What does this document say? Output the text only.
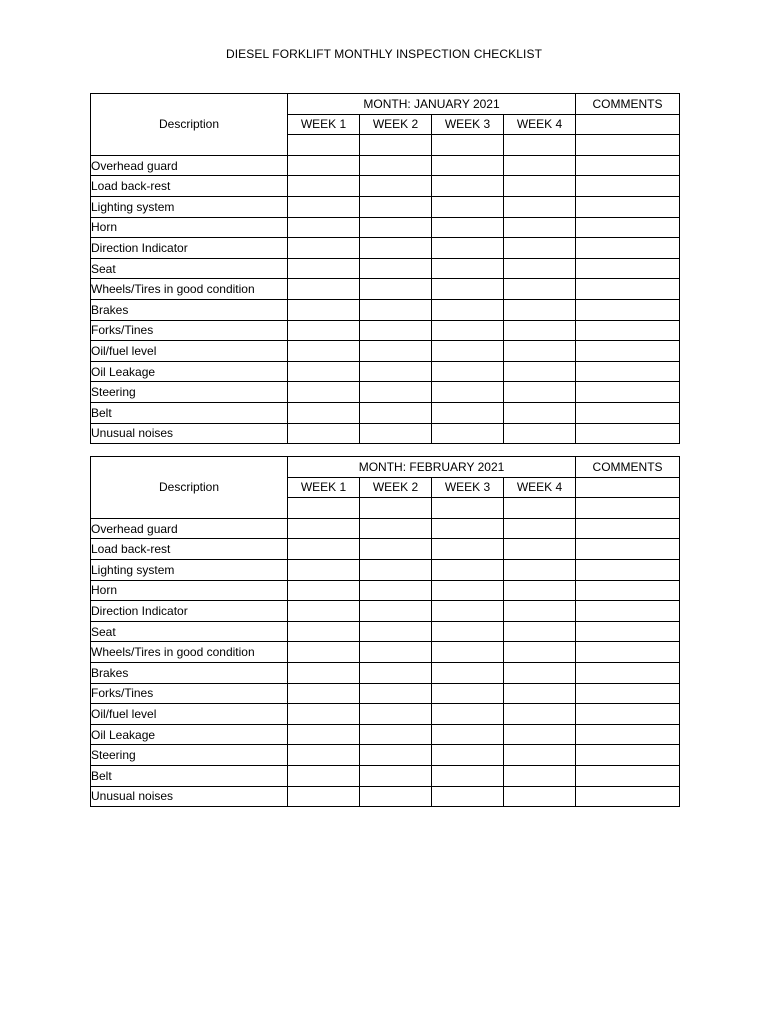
DIESEL FORKLIFT MONTHLY INSPECTION CHECKLIST
Description	MONTH: JANUARY 2021				COMMENTS
	WEEK 1	WEEK 2	WEEK 3	WEEK 4	

Overhead guard					
Load back-rest					
Lighting system					
Horn					
Direction Indicator					
Seat					
Wheels/Tires in good condition					
Brakes					
Forks/Tines					
Oil/fuel level					
Oil Leakage					
Steering					
Belt					
Unusual noises					
Description	MONTH: FEBRUARY 2021				COMMENTS
	WEEK 1	WEEK 2	WEEK 3	WEEK 4	

Overhead guard					
Load back-rest					
Lighting system					
Horn					
Direction Indicator					
Seat					
Wheels/Tires in good condition					
Brakes					
Forks/Tines					
Oil/fuel level					
Oil Leakage					
Steering					
Belt					
Unusual noises					
